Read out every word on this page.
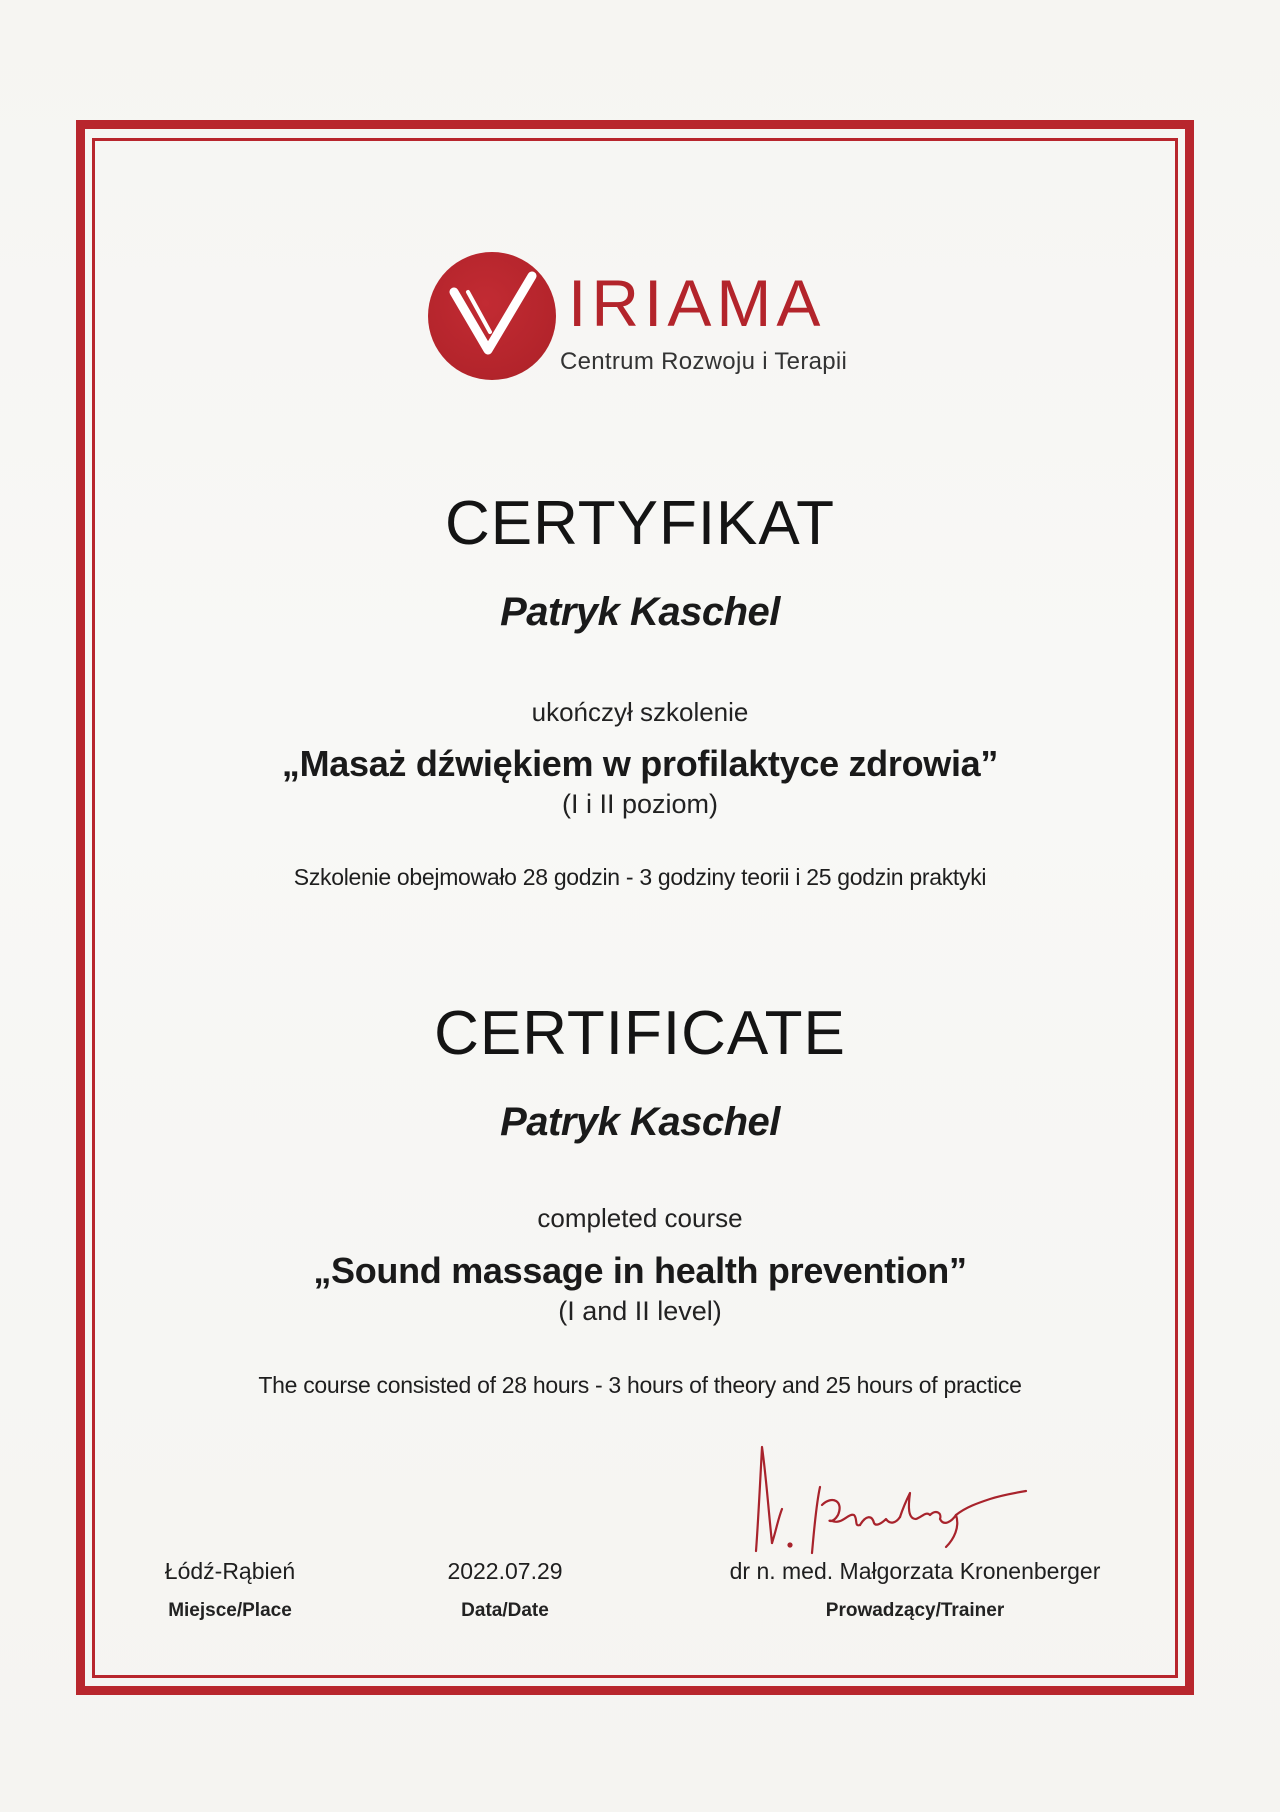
IRIAMA
Centrum Rozwoju i Terapii
CERTYFIKAT
Patryk Kaschel
ukończył szkolenie
„Masaż dźwiękiem w profilaktyce zdrowia”
(I i II poziom)
Szkolenie obejmowało 28 godzin - 3 godziny teorii i 25 godzin praktyki
CERTIFICATE
Patryk Kaschel
completed course
„Sound massage in health prevention”
(I and II level)
The course consisted of 28 hours - 3 hours of theory and 25 hours of practice
Łódź-Rąbień
Miejsce/Place
2022.07.29
Data/Date
dr n. med. Małgorzata Kronenberger
Prowadzący/Trainer
